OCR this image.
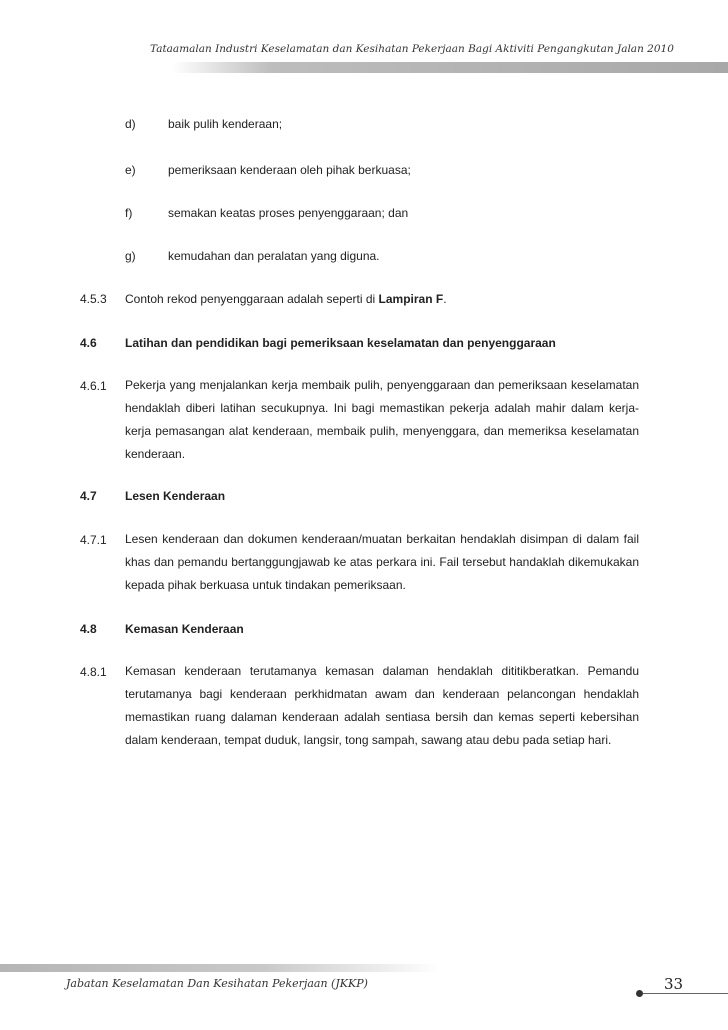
Tataamalan Industri Keselamatan dan Kesihatan Pekerjaan Bagi Aktiviti Pengangkutan Jalan 2010
d)	baik pulih kenderaan;
e)	pemeriksaan kenderaan oleh pihak berkuasa;
f)	semakan keatas proses penyenggaraan; dan
g)	kemudahan dan peralatan yang diguna.
4.5.3 Contoh rekod penyenggaraan adalah seperti di Lampiran F.
4.6 Latihan dan pendidikan bagi pemeriksaan keselamatan dan penyenggaraan
4.6.1 Pekerja yang menjalankan kerja membaik pulih, penyenggaraan dan pemeriksaan keselamatan hendaklah diberi latihan secukupnya. Ini bagi memastikan pekerja adalah mahir dalam kerja-kerja pemasangan alat kenderaan, membaik pulih, menyenggara, dan memeriksa keselamatan kenderaan.
4.7 Lesen Kenderaan
4.7.1 Lesen kenderaan dan dokumen kenderaan/muatan berkaitan hendaklah disimpan di dalam fail khas dan pemandu bertanggungjawab ke atas perkara ini. Fail tersebut handaklah dikemukakan kepada pihak berkuasa untuk tindakan pemeriksaan.
4.8 Kemasan Kenderaan
4.8.1 Kemasan kenderaan terutamanya kemasan dalaman hendaklah dititikberatkan. Pemandu terutamanya bagi kenderaan perkhidmatan awam dan kenderaan pelancongan hendaklah memastikan ruang dalaman kenderaan adalah sentiasa bersih dan kemas seperti kebersihan dalam kenderaan, tempat duduk, langsir, tong sampah, sawang atau debu pada setiap hari.
Jabatan Keselamatan Dan Kesihatan Pekerjaan (JKKP)	33
